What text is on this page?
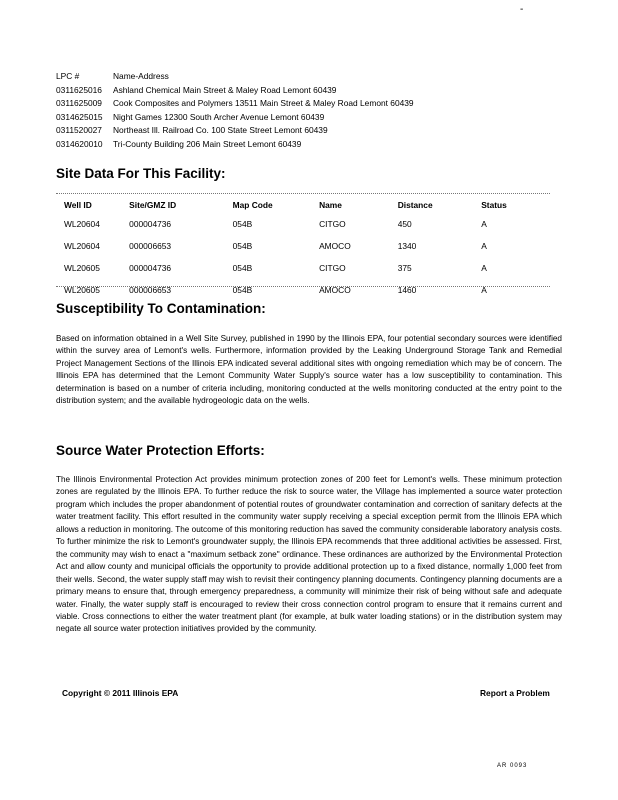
-
LPC #	Name-Address
0311625016	Ashland Chemical Main Street & Maley Road Lemont 60439
0311625009	Cook Composites and Polymers 13511 Main Street & Maley Road Lemont 60439
0314625015	Night Games 12300 South Archer Avenue Lemont 60439
0311520027	Northeast Ill. Railroad Co. 100 State Street Lemont 60439
0314620010	Tri-County Building 206 Main Street Lemont 60439
Site Data For This Facility:
Well ID	Site/GMZ ID	Map Code	Name	Distance	Status
WL20604	000004736	054B	CITGO	450	A
WL20604	000006653	054B	AMOCO	1340	A
WL20605	000004736	054B	CITGO	375	A
WL20605	000006653	054B	AMOCO	1460	A
Susceptibility To Contamination:
Based on information obtained in a Well Site Survey, published in 1990 by the Illinois EPA, four potential secondary sources were identified within the survey area of Lemont's wells. Furthermore, information provided by the Leaking Underground Storage Tank and Remedial Project Management Sections of the Illinois EPA indicated several additional sites with ongoing remediation which may be of concern. The Illinois EPA has determined that the Lemont Community Water Supply's source water has a low susceptibility to contamination. This determination is based on a number of criteria including, monitoring conducted at the wells monitoring conducted at the entry point to the distribution system; and the available hydrogeologic data on the wells.
Source Water Protection Efforts:
The Illinois Environmental Protection Act provides minimum protection zones of 200 feet for Lemont's wells. These minimum protection zones are regulated by the Illinois EPA. To further reduce the risk to source water, the Village has implemented a source water protection program which includes the proper abandonment of potential routes of groundwater contamination and correction of sanitary defects at the water treatment facility. This effort resulted in the community water supply receiving a special exception permit from the Illinois EPA which allows a reduction in monitoring. The outcome of this monitoring reduction has saved the community considerable laboratory analysis costs. To further minimize the risk to Lemont's groundwater supply, the Illinois EPA recommends that three additional activities be assessed. First, the community may wish to enact a "maximum setback zone" ordinance. These ordinances are authorized by the Environmental Protection Act and allow county and municipal officials the opportunity to provide additional protection up to a fixed distance, normally 1,000 feet from their wells. Second, the water supply staff may wish to revisit their contingency planning documents. Contingency planning documents are a primary means to ensure that, through emergency preparedness, a community will minimize their risk of being without safe and adequate water. Finally, the water supply staff is encouraged to review their cross connection control program to ensure that it remains current and viable. Cross connections to either the water treatment plant (for example, at bulk water loading stations) or in the distribution system may negate all source water protection initiatives provided by the community.
Copyright © 2011 Illinois EPA	Report a Problem
AR 0093
